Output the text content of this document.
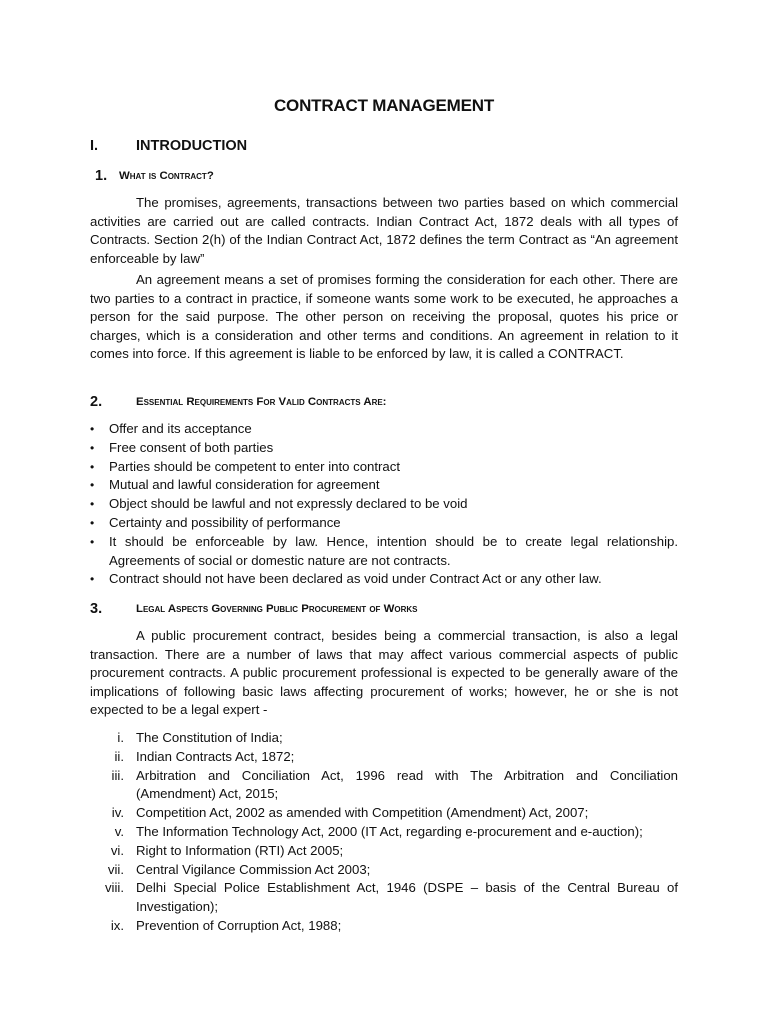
CONTRACT MANAGEMENT
I.	INTRODUCTION
1. What is Contract?

The promises, agreements, transactions between two parties based on which commercial activities are carried out are called contracts. Indian Contract Act, 1872 deals with all types of Contracts. Section 2(h) of the Indian Contract Act, 1872 defines the term Contract as “An agreement enforceable by law”

An agreement means a set of promises forming the consideration for each other. There are two parties to a contract in practice, if someone wants some work to be executed, he approaches a person for the said purpose. The other person on receiving the proposal, quotes his price or charges, which is a consideration and other terms and conditions. An agreement in relation to it comes into force. If this agreement is liable to be enforced by law, it is called a CONTRACT.

2.	Essential Requirements For Valid Contracts Are:
• Offer and its acceptance
• Free consent of both parties
• Parties should be competent to enter into contract
• Mutual and lawful consideration for agreement
• Object should be lawful and not expressly declared to be void
• Certainty and possibility of performance
• It should be enforceable by law. Hence, intention should be to create legal relationship. Agreements of social or domestic nature are not contracts.
• Contract should not have been declared as void under Contract Act or any other law.
3.	Legal Aspects Governing Public Procurement of Works

A public procurement contract, besides being a commercial transaction, is also a legal transaction. There are a number of laws that may affect various commercial aspects of public procurement contracts. A public procurement professional is expected to be generally aware of the implications of following basic laws affecting procurement of works; however, he or she is not expected to be a legal expert -

i. The Constitution of India;
ii. Indian Contracts Act, 1872;
iii. Arbitration and Conciliation Act, 1996 read with The Arbitration and Conciliation (Amendment) Act, 2015;
iv. Competition Act, 2002 as amended with Competition (Amendment) Act, 2007;
v. The Information Technology Act, 2000 (IT Act, regarding e-procurement and e-auction);
vi. Right to Information (RTI) Act 2005;
vii. Central Vigilance Commission Act 2003;
viii. Delhi Special Police Establishment Act, 1946 (DSPE – basis of the Central Bureau of Investigation);
ix. Prevention of Corruption Act, 1988;
